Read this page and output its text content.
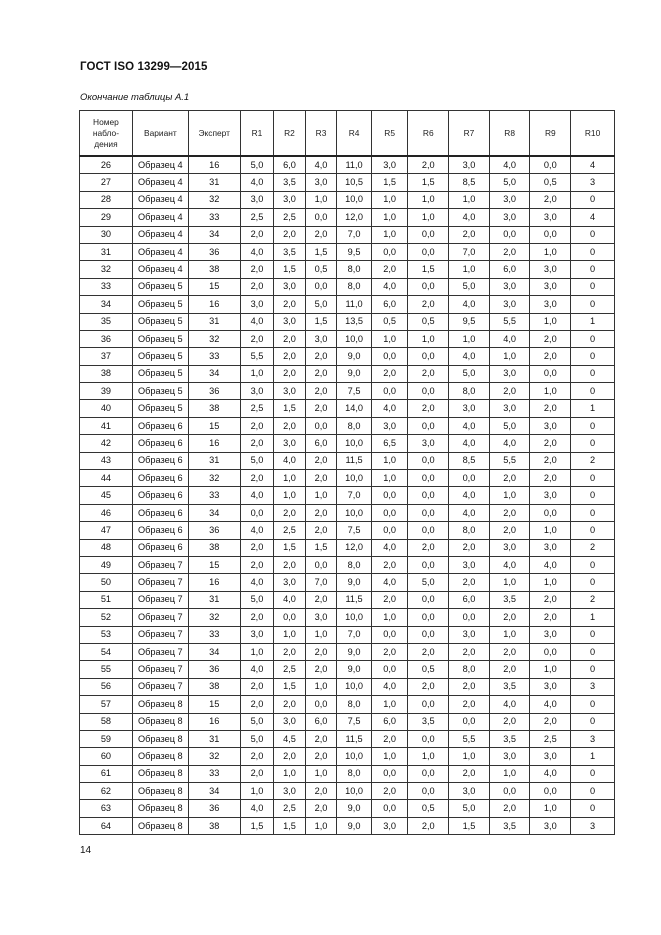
ГОСТ ISO 13299—2015
Окончание таблицы А.1
Номер
набло-
дения	Вариант	Эксперт	R1	R2	R3	R4	R5	R6	R7	R8	R9	R10
26	Образец 4	16	5,0	6,0	4,0	11,0	3,0	2,0	3,0	4,0	0,0	4
27	Образец 4	31	4,0	3,5	3,0	10,5	1,5	1,5	8,5	5,0	0,5	3
28	Образец 4	32	3,0	3,0	1,0	10,0	1,0	1,0	1,0	3,0	2,0	0
29	Образец 4	33	2,5	2,5	0,0	12,0	1,0	1,0	4,0	3,0	3,0	4
30	Образец 4	34	2,0	2,0	2,0	7,0	1,0	0,0	2,0	0,0	0,0	0
31	Образец 4	36	4,0	3,5	1,5	9,5	0,0	0,0	7,0	2,0	1,0	0
32	Образец 4	38	2,0	1,5	0,5	8,0	2,0	1,5	1,0	6,0	3,0	0
33	Образец 5	15	2,0	3,0	0,0	8,0	4,0	0,0	5,0	3,0	3,0	0
34	Образец 5	16	3,0	2,0	5,0	11,0	6,0	2,0	4,0	3,0	3,0	0
35	Образец 5	31	4,0	3,0	1,5	13,5	0,5	0,5	9,5	5,5	1,0	1
36	Образец 5	32	2,0	2,0	3,0	10,0	1,0	1,0	1,0	4,0	2,0	0
37	Образец 5	33	5,5	2,0	2,0	9,0	0,0	0,0	4,0	1,0	2,0	0
38	Образец 5	34	1,0	2,0	2,0	9,0	2,0	2,0	5,0	3,0	0,0	0
39	Образец 5	36	3,0	3,0	2,0	7,5	0,0	0,0	8,0	2,0	1,0	0
40	Образец 5	38	2,5	1,5	2,0	14,0	4,0	2,0	3,0	3,0	2,0	1
41	Образец 6	15	2,0	2,0	0,0	8,0	3,0	0,0	4,0	5,0	3,0	0
42	Образец 6	16	2,0	3,0	6,0	10,0	6,5	3,0	4,0	4,0	2,0	0
43	Образец 6	31	5,0	4,0	2,0	11,5	1,0	0,0	8,5	5,5	2,0	2
44	Образец 6	32	2,0	1,0	2,0	10,0	1,0	0,0	0,0	2,0	2,0	0
45	Образец 6	33	4,0	1,0	1,0	7,0	0,0	0,0	4,0	1,0	3,0	0
46	Образец 6	34	0,0	2,0	2,0	10,0	0,0	0,0	4,0	2,0	0,0	0
47	Образец 6	36	4,0	2,5	2,0	7,5	0,0	0,0	8,0	2,0	1,0	0
48	Образец 6	38	2,0	1,5	1,5	12,0	4,0	2,0	2,0	3,0	3,0	2
49	Образец 7	15	2,0	2,0	0,0	8,0	2,0	0,0	3,0	4,0	4,0	0
50	Образец 7	16	4,0	3,0	7,0	9,0	4,0	5,0	2,0	1,0	1,0	0
51	Образец 7	31	5,0	4,0	2,0	11,5	2,0	0,0	6,0	3,5	2,0	2
52	Образец 7	32	2,0	0,0	3,0	10,0	1,0	0,0	0,0	2,0	2,0	1
53	Образец 7	33	3,0	1,0	1,0	7,0	0,0	0,0	3,0	1,0	3,0	0
54	Образец 7	34	1,0	2,0	2,0	9,0	2,0	2,0	2,0	2,0	0,0	0
55	Образец 7	36	4,0	2,5	2,0	9,0	0,0	0,5	8,0	2,0	1,0	0
56	Образец 7	38	2,0	1,5	1,0	10,0	4,0	2,0	2,0	3,5	3,0	3
57	Образец 8	15	2,0	2,0	0,0	8,0	1,0	0,0	2,0	4,0	4,0	0
58	Образец 8	16	5,0	3,0	6,0	7,5	6,0	3,5	0,0	2,0	2,0	0
59	Образец 8	31	5,0	4,5	2,0	11,5	2,0	0,0	5,5	3,5	2,5	3
60	Образец 8	32	2,0	2,0	2,0	10,0	1,0	1,0	1,0	3,0	3,0	1
61	Образец 8	33	2,0	1,0	1,0	8,0	0,0	0,0	2,0	1,0	4,0	0
62	Образец 8	34	1,0	3,0	2,0	10,0	2,0	0,0	3,0	0,0	0,0	0
63	Образец 8	36	4,0	2,5	2,0	9,0	0,0	0,5	5,0	2,0	1,0	0
64	Образец 8	38	1,5	1,5	1,0	9,0	3,0	2,0	1,5	3,5	3,0	3
14
